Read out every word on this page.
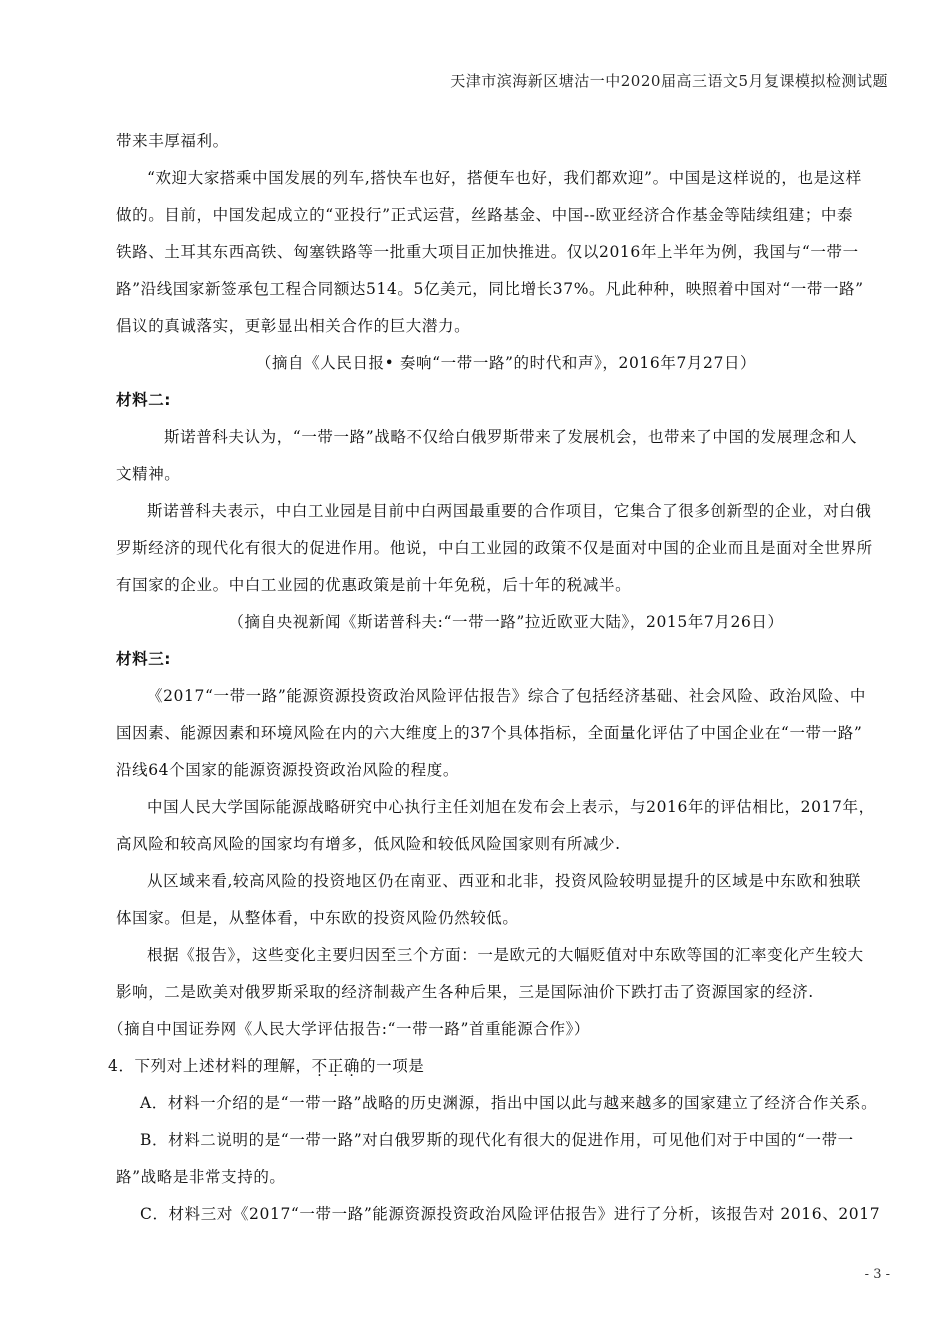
天津市滨海新区塘沽一中2020届高三语文5月复课模拟检测试题
带来丰厚福利。
“欢迎大家搭乘中国发展的列车,搭快车也好，搭便车也好，我们都欢迎”。中国是这样说的，也是这样
做的。目前，中国发起成立的“亚投行”正式运营，丝路基金、中国--欧亚经济合作基金等陆续组建；中泰
铁路、土耳其东西高铁、匈塞铁路等一批重大项目正加快推进。仅以2016年上半年为例，我国与“一带一
路”沿线国家新签承包工程合同额达514。5亿美元，同比增长37%。凡此种种，映照着中国对“一带一路”
倡议的真诚落实，更彰显出相关合作的巨大潜力。
（摘自《人民日报• 奏响“一带一路”的时代和声》，2016年7月27日）
材料二:
斯诺普科夫认为，“一带一路”战略不仅给白俄罗斯带来了发展机会，也带来了中国的发展理念和人
文精神。
斯诺普科夫表示，中白工业园是目前中白两国最重要的合作项目，它集合了很多创新型的企业，对白俄
罗斯经济的现代化有很大的促进作用。他说，中白工业园的政策不仅是面对中国的企业而且是面对全世界所
有国家的企业。中白工业园的优惠政策是前十年免税，后十年的税减半。
（摘自央视新闻《斯诺普科夫:“一带一路”拉近欧亚大陆》，2015年7月26日）
材料三:
《2017“一带一路”能源资源投资政治风险评估报告》综合了包括经济基础、社会风险、政治风险、中
国因素、能源因素和环境风险在内的六大维度上的37个具体指标，全面量化评估了中国企业在“一带一路”
沿线64个国家的能源资源投资政治风险的程度。
中国人民大学国际能源战略研究中心执行主任刘旭在发布会上表示，与2016年的评估相比，2017年，
高风险和较高风险的国家均有增多，低风险和较低风险国家则有所减少.
从区域来看,较高风险的投资地区仍在南亚、西亚和北非，投资风险较明显提升的区域是中东欧和独联
体国家。但是，从整体看，中东欧的投资风险仍然较低。
根据《报告》，这些变化主要归因至三个方面：一是欧元的大幅贬值对中东欧等国的汇率变化产生较大
影响，二是欧美对俄罗斯采取的经济制裁产生各种后果，三是国际油价下跌打击了资源国家的经济.
（摘自中国证券网《人民大学评估报告:“一带一路”首重能源合作》）
4．下列对上述材料的理解，不正确的一项是
A．材料一介绍的是“一带一路”战略的历史渊源，指出中国以此与越来越多的国家建立了经济合作关系。
B．材料二说明的是“一带一路”对白俄罗斯的现代化有很大的促进作用，可见他们对于中国的“一带一
路”战略是非常支持的。
C．材料三对《2017“一带一路”能源资源投资政治风险评估报告》进行了分析，该报告对 2016、2017
- 3 -
